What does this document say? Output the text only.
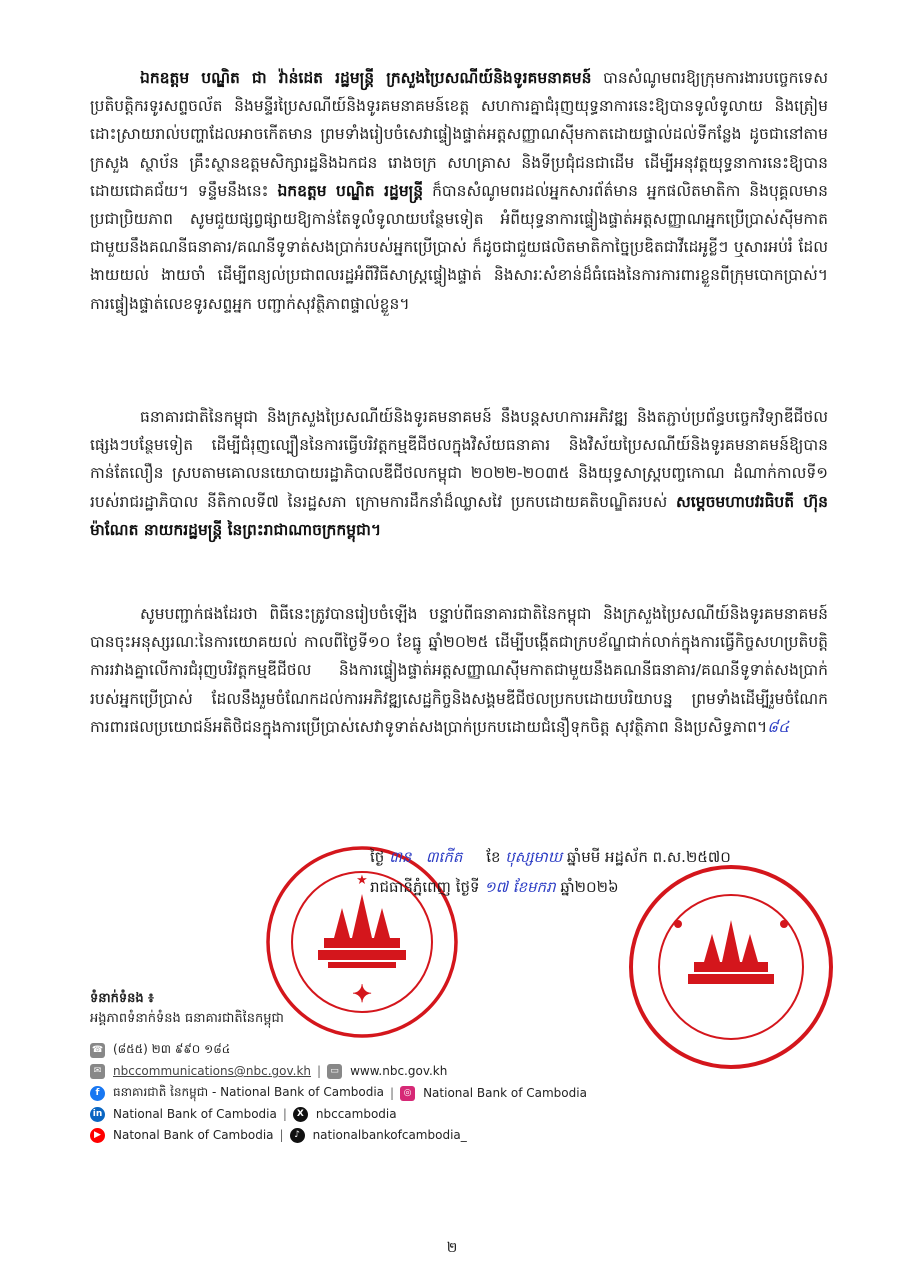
ឯកឧត្តម បណ្ឌិត ជា វ៉ាន់ដេត រដ្ឋមន្ត្រី ក្រសួងប្រៃសណីយ៍និងទូរគមនាគមន៍ បានសំណូមពរឱ្យក្រុមការងារបច្ចេកទេស ប្រតិបត្តិករទូរសព្ទចល័ត និងមន្ទីរប្រៃសណីយ៍និងទូរគមនាគមន៍ខេត្ត សហការគ្នាជំរុញយុទ្ធនាការនេះឱ្យបានទូលំទូលាយ និងត្រៀមដោះស្រាយរាល់បញ្ហាដែលអាចកើតមាន ព្រមទាំងរៀបចំសេវាផ្ទៀងផ្ទាត់អត្តសញ្ញាណស៊ីមកាតដោយផ្ទាល់ដល់ទីកន្លែង ដូចជានៅតាមក្រសួង ស្ថាប័ន គ្រឹះស្ថានឧត្តមសិក្សារដ្ឋនិងឯកជន រោងចក្រ សហគ្រាស និងទីប្រជុំជនជាដើម ដើម្បីអនុវត្តយុទ្ធនាការនេះឱ្យបានដោយជោគជ័យ។ ទន្ទឹមនឹងនេះ ឯកឧត្តម បណ្ឌិត រដ្ឋមន្ត្រី ក៏បានសំណូមពរដល់អ្នកសារព័ត៌មាន អ្នកផលិតមាតិកា និងបុគ្គលមានប្រជាប្រិយភាព សូមជួយផ្សព្វផ្សាយឱ្យកាន់តែទូលំទូលាយបន្ថែមទៀត អំពីយុទ្ធនាការផ្ទៀងផ្ទាត់អត្តសញ្ញាណអ្នកប្រើប្រាស់ស៊ីមកាតជាមួយនឹងគណនីធនាគារ/គណនីទូទាត់សងប្រាក់របស់អ្នកប្រើប្រាស់ ក៏ដូចជាជួយផលិតមាតិកាច្នៃប្រឌិតជាវីដេអូខ្លីៗ ឬសារអប់រំ ដែលងាយយល់ ងាយចាំ ដើម្បីពន្យល់ប្រជាពលរដ្ឋអំពីវិធីសាស្ត្រផ្ទៀងផ្ទាត់ និងសារៈសំខាន់ដ៏ធំធេងនៃការការពារខ្លួនពីក្រុមបោកប្រាស់។ ការផ្ទៀងផ្ទាត់លេខទូរសព្ទអ្នក បញ្ជាក់សុវត្ថិភាពផ្ទាល់ខ្លួន។

ធនាគារជាតិនៃកម្ពុជា និងក្រសួងប្រៃសណីយ៍និងទូរគមនាគមន៍ នឹងបន្តសហការអភិវឌ្ឍ និងតភ្ជាប់ប្រព័ន្ធបច្ចេកវិទ្យាឌីជីថលផ្សេងៗបន្ថែមទៀត ដើម្បីជំរុញល្បឿននៃការធ្វើបរិវត្តកម្មឌីជីថលក្នុងវិស័យធនាគារ និងវិស័យប្រៃសណីយ៍និងទូរគមនាគមន៍ឱ្យបានកាន់តែលឿន ស្របតាមគោលនយោបាយរដ្ឋាភិបាលឌីជីថលកម្ពុជា ២០២២-២០៣៥ និងយុទ្ធសាស្ត្របញ្ចកោណ ដំណាក់កាលទី១ របស់រាជរដ្ឋាភិបាល នីតិកាលទី៧ នៃរដ្ឋសភា ក្រោមការដឹកនាំដ៏ឈ្លាសវៃ ប្រកបដោយគតិបណ្ឌិតរបស់ សម្តេចមហាបវរធិបតី ហ៊ុន ម៉ាណែត នាយករដ្ឋមន្ត្រី នៃព្រះរាជាណាចក្រកម្ពុជា។

សូមបញ្ជាក់ផងដែរថា ពិធីនេះត្រូវបានរៀបចំឡើង បន្ទាប់ពីធនាគារជាតិនៃកម្ពុជា និងក្រសួងប្រៃសណីយ៍និងទូរគមនាគមន៍ បានចុះអនុស្សរណៈនៃការយោគយល់ កាលពីថ្ងៃទី១០ ខែធ្នូ ឆ្នាំ២០២៥ ដើម្បីបង្កើតជាក្របខ័ណ្ឌជាក់លាក់ក្នុងការធ្វើកិច្ចសហប្រតិបត្តិការរវាងគ្នាលើការជំរុញបរិវត្តកម្មឌីជីថល និងការផ្ទៀងផ្ទាត់អត្តសញ្ញាណស៊ីមកាតជាមួយនឹងគណនីធនាគារ/គណនីទូទាត់សងប្រាក់របស់អ្នកប្រើប្រាស់ ដែលនឹងរួមចំណែកដល់ការអភិវឌ្ឍសេដ្ឋកិច្ចនិងសង្គមឌីជីថលប្រកបដោយបរិយាបន្ន ព្រមទាំងដើម្បីរួមចំណែកការពារផលប្រយោជន៍អតិថិជនក្នុងការប្រើប្រាស់សេវាទូទាត់សងប្រាក់ប្រកបដោយជំនឿទុកចិត្ត សុវត្ថិភាព និងប្រសិទ្ធភាព។៨៤

★
✦
ថ្ងៃ ៣ន ៣កើត ខែ បុស្សមាឃ ឆ្នាំមមី អដ្ឋស័ក ព.ស.២៥៧០
រាជធានីភ្នំពេញ ថ្ងៃទី ១៧ ខែមករា ឆ្នាំ២០២៦
ទំនាក់ទំនង ៖
អង្គភាពទំនាក់ទំនង ធនាគារជាតិនៃកម្ពុជា
☎ (៨៥៥) ២៣ ៩៩០ ១៨៤
✉ nbccommunications@nbc.gov.kh |	▭ www.nbc.gov.kh
f	ធនាគារជាតិ នៃកម្ពុជា - National Bank of Cambodia |	◎ National Bank of Cambodia
in National Bank of Cambodia |	X	nbccambodia
▶	Natonal Bank of Cambodia |	♪	nationalbankofcambodia_
២
